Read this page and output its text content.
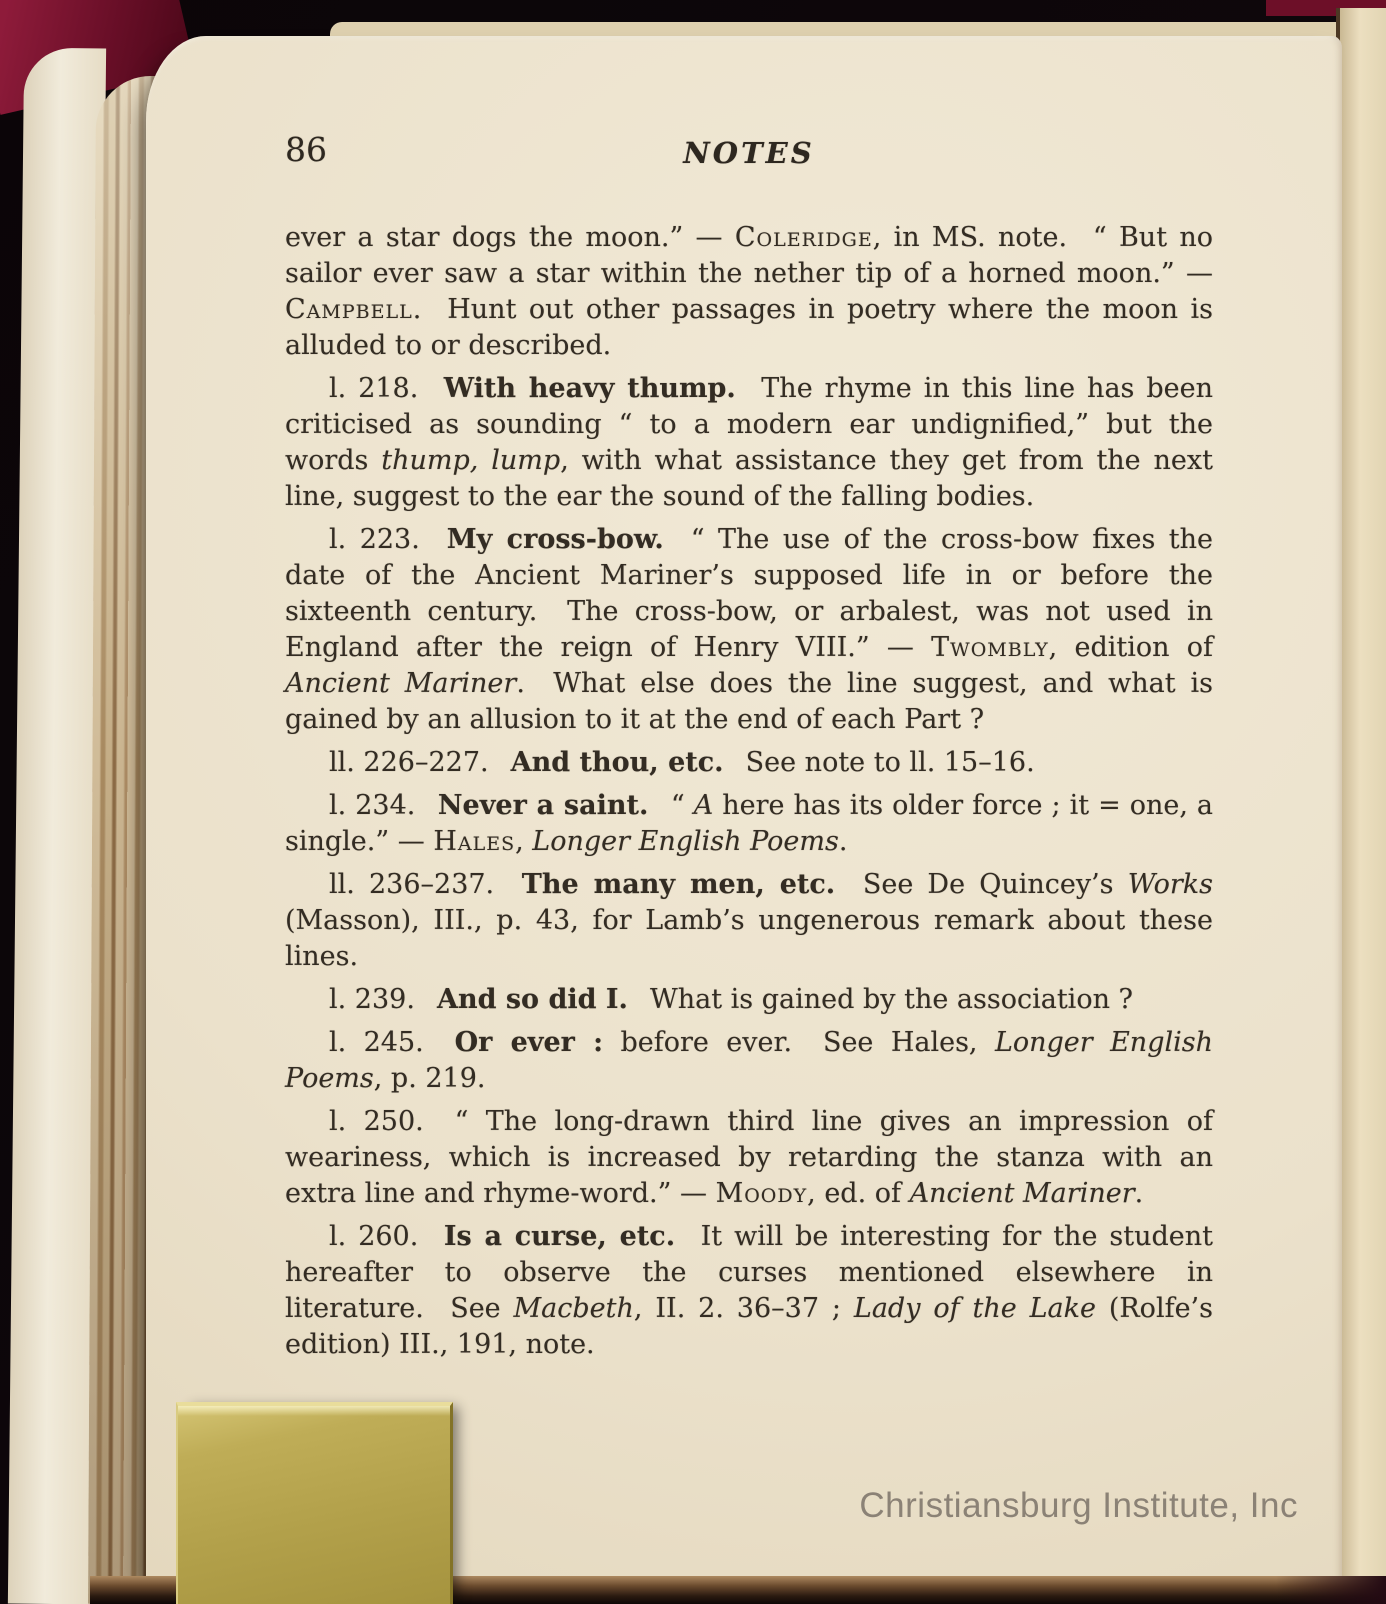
86	NOTES

ever a star dogs the moon.” — Coleridge, in MS. note.  “ But no sailor ever saw a star within the nether tip of a horned moon.” — Campbell.  Hunt out other passages in poetry where the moon is alluded to or described.

l. 218.  With heavy thump.  The rhyme in this line has been criticised as sounding “ to a modern ear undignified,” but the words thump, lump, with what assistance they get from the next line, suggest to the ear the sound of the falling bodies.

l. 223.  My cross-bow.  “ The use of the cross-bow fixes the date of the Ancient Mariner’s supposed life in or before the sixteenth century.  The cross-bow, or arbalest, was not used in England after the reign of Henry VIII.” — Twombly, edition of Ancient Mariner.  What else does the line suggest, and what is gained by an allusion to it at the end of each Part ?

ll. 226–227.  And thou, etc.  See note to ll. 15–16.

l. 234.  Never a saint.  “ A here has its older force ; it = one, a single.” — Hales, Longer English Poems.

ll. 236–237.  The many men, etc.  See De Quincey’s Works (Masson), III., p. 43, for Lamb’s ungenerous remark about these lines.

l. 239.  And so did I.  What is gained by the association ?

l. 245.  Or ever : before ever.  See Hales, Longer English Poems, p. 219.

l. 250.  “ The long-drawn third line gives an impression of weariness, which is increased by retarding the stanza with an extra line and rhyme-word.” — Moody, ed. of Ancient Mariner.

l. 260.  Is a curse, etc.  It will be interesting for the student hereafter to observe the curses mentioned elsewhere in literature.  See Macbeth, II. 2. 36–37 ; Lady of the Lake (Rolfe’s edition) III., 191, note.

Christiansburg Institute, Inc
